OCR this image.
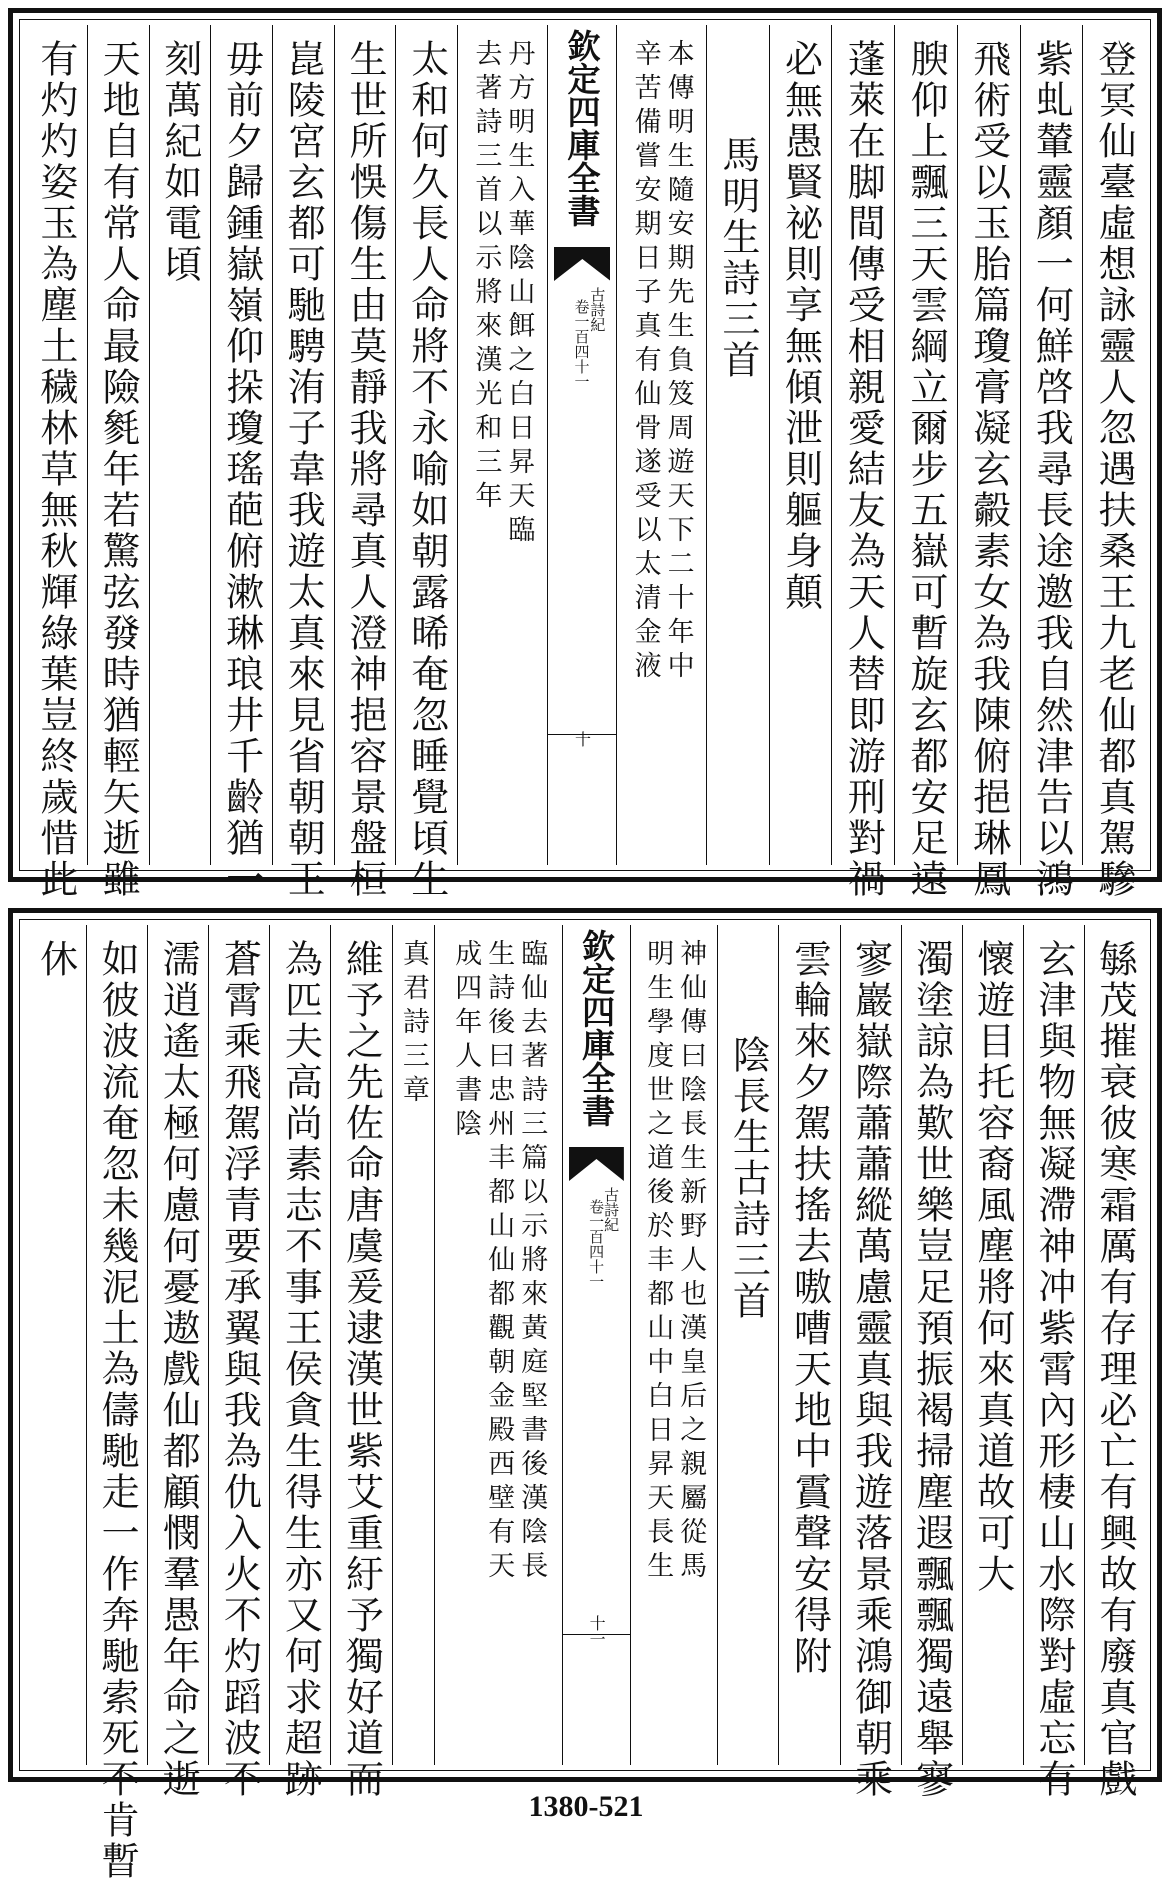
登冥仙臺虛想詠靈人忽遇扶桑王九老仙都真駕驂
紫虬輦靈顏一何鮮啓我尋長途邀我自然津告以鴻
飛術受以玉胎篇瓊膏凝玄㲉素女為我陳俯挹琳鳳
腴仰上飄三天雲綱立爾步五嶽可暫旋玄都安足遠
蓬萊在脚間傳受相親愛結友為天人替即游刑對禍
必無愚賢祕則享無傾泄則軀身顛
馬明生詩三首
本傳明生隨安期先生負笈周遊天下二十年中
辛苦備嘗安期日子真有仙骨遂受以太清金液
欽定四庫全書
古詩紀
卷一百四十一
十
丹方明生入華陰山餌之白日昇天臨
去著詩三首以示將來漢光和三年
太和何久長人命將不永喻如朝露晞奄忽睡覺頃生
生世所悞傷生由莫靜我將尋真人澄神挹容景盤桓
崑陵宮玄都可馳騁洧子韋我遊太真來見省朝朝王
毋前夕歸鍾嶽嶺仰挆瓊瑤葩俯漱琳琅井千齡猶一
刻萬紀如電頃
天地自有常人命最險毿年若驚弦發時猶輕矢逝雖
有灼灼姿玉為塵土穢林草無秋輝綠葉豈終歲惜此
緐茂摧衰彼寒霜厲有存理必亡有興故有廢真官戲
玄津與物無凝滯神冲紫霄內形棲山水際對虛忘有
懷遊目托容裔風塵將何來真道故可大
濁塗諒為歎世樂豈足預振褐掃塵遐飄飄獨遠舉寥
寥巖嶽際蕭蕭縱萬慮靈真與我遊落景乘鴻御朝乘
雲輪來夕駕扶搖去嗷嘈天地中霣聲安得附
陰長生古詩三首
神仙傳曰陰長生新野人也漢皇后之親屬從馬
明生學度世之道後於丰都山中白日昇天長生
欽定四庫全書
古詩紀
卷一百四十一
十一
臨仙去著詩三篇以示將來黃庭堅書後漢陰長
生詩後曰忠州丰都山仙都觀朝金殿西壁有天
成四年人書陰
真君詩三章
維予之先佐命唐虞爰逮漢世紫艾重紆予獨好道而
為匹夫高尚素志不事王侯貪生得生亦又何求超跡
蒼霄乘飛駕浮青要承翼與我為仇入火不灼蹈波不
濡逍遙太極何慮何憂遨戲仙都顧憫羣愚年命之逝
如彼波流奄忽未幾泥土為儔馳走一作奔馳索死不肯暫
休
1380-521
